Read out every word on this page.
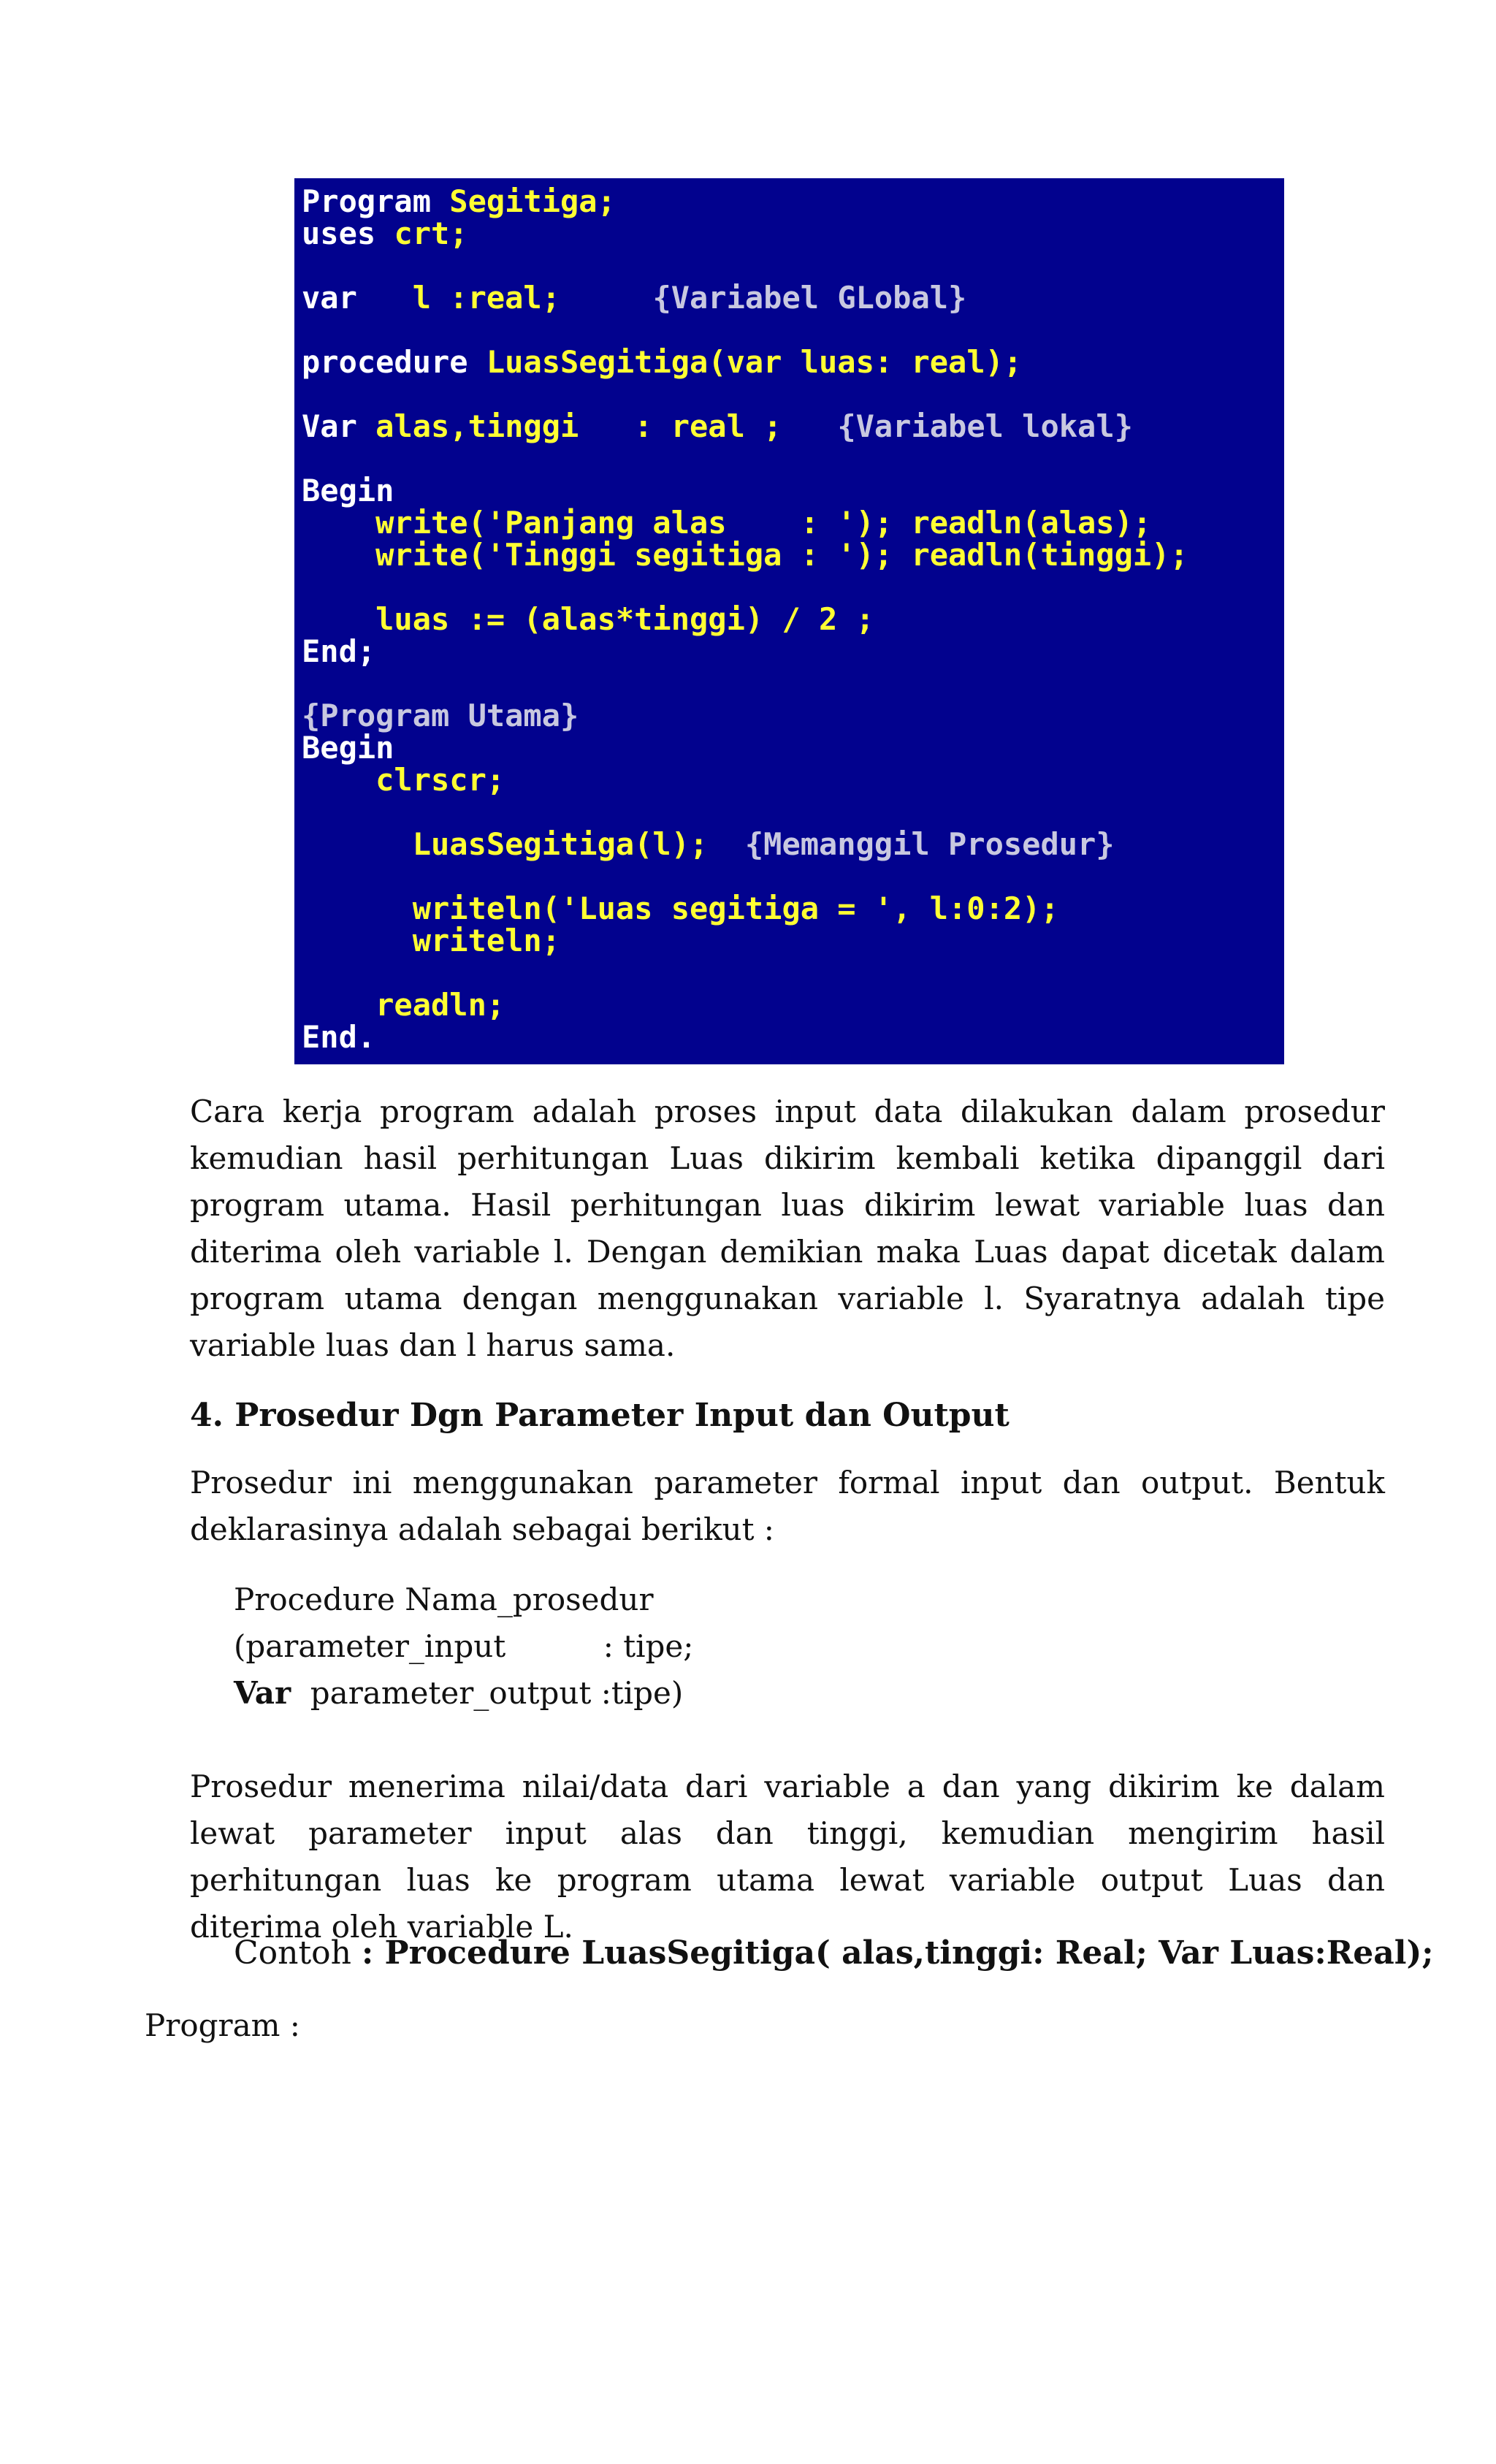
Program Segitiga;
uses crt;

var   l :real;     {Variabel GLobal}

procedure LuasSegitiga(var luas: real);

Var alas,tinggi   : real ;   {Variabel lokal}

Begin
write('Panjang alas    : '); readln(alas);
write('Tinggi segitiga : '); readln(tinggi);

luas := (alas*tinggi) / 2 ;
End;

{Program Utama}
Begin
clrscr;

LuasSegitiga(l);  {Memanggil Prosedur}

writeln('Luas segitiga = ', l:0:2);
writeln;

readln;
End.
Cara kerja program adalah proses input data dilakukan dalam prosedur kemudian hasil perhitungan Luas dikirim kembali ketika dipanggil dari program utama. Hasil perhitungan luas dikirim lewat variable luas dan diterima oleh variable l. Dengan demikian maka Luas dapat dicetak dalam program utama dengan menggunakan variable l. Syaratnya adalah tipe variable luas dan l harus sama.
4. Prosedur Dgn Parameter Input dan Output
Prosedur ini menggunakan parameter formal input dan output. Bentuk deklarasinya adalah sebagai berikut :
Procedure Nama_prosedur
(parameter_input          : tipe;
Var  parameter_output :tipe)
Prosedur menerima nilai/data dari variable a dan yang dikirim ke dalam lewat parameter input alas dan tinggi, kemudian mengirim hasil perhitungan luas ke program utama lewat variable output Luas dan diterima oleh variable L.
Contoh : Procedure LuasSegitiga( alas,tinggi: Real; Var Luas:Real);
Program :
